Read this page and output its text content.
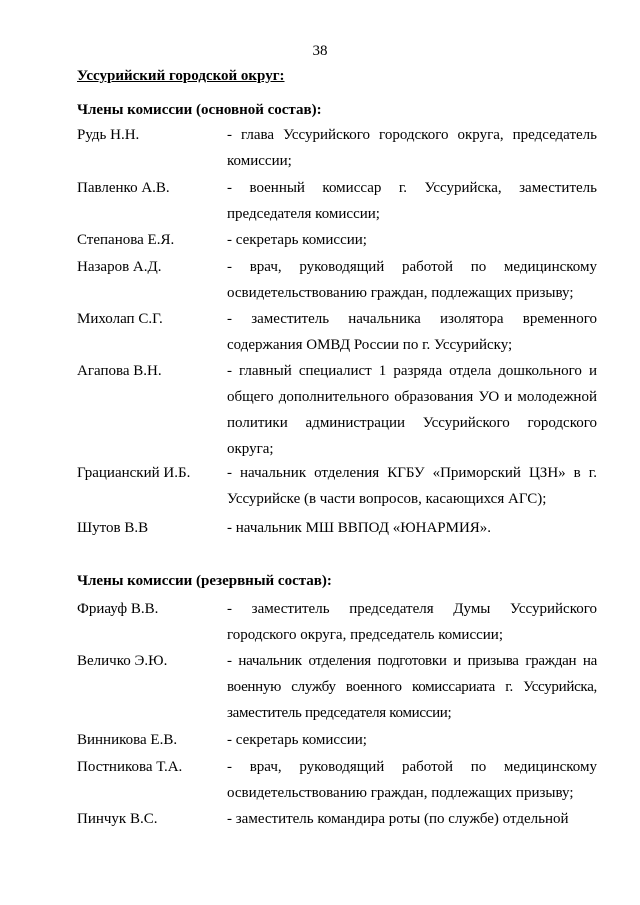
38
Уссурийский городской округ:
Члены комиссии (основной состав):
Рудь Н.Н.	- глава Уссурийского городского округа, председатель комиссии;
Павленко А.В.	- военный комиссар г. Уссурийска, заместитель председателя комиссии;
Степанова Е.Я.	- секретарь комиссии;
Назаров А.Д.	- врач, руководящий работой по медицинскому освидетельствованию граждан, подлежащих призыву;
Михолап С.Г.	- заместитель начальника изолятора временного содержания ОМВД России по г. Уссурийску;
Агапова В.Н.	- главный специалист 1 разряда отдела дошкольного и общего дополнительного образования УО и молодежной политики администрации Уссурийского городского округа;
Грацианский И.Б. - начальник отделения КГБУ «Приморский ЦЗН» в г. Уссурийске (в части вопросов, касающихся АГС);
Шутов В.В	- начальник МШ ВВПОД «ЮНАРМИЯ».
Члены комиссии (резервный состав):
Фриауф В.В.	- заместитель председателя Думы Уссурийского городского округа, председатель комиссии;
Величко Э.Ю.	- начальник отделения подготовки и призыва граждан на военную службу военного комиссариата г. Уссурийска, заместитель председателя комиссии;
Винникова Е.В.	- секретарь комиссии;
Постникова Т.А.	- врач, руководящий работой по медицинскому освидетельствованию граждан, подлежащих призыву;
Пинчук В.С.	- заместитель командира роты (по службе) отдельной
